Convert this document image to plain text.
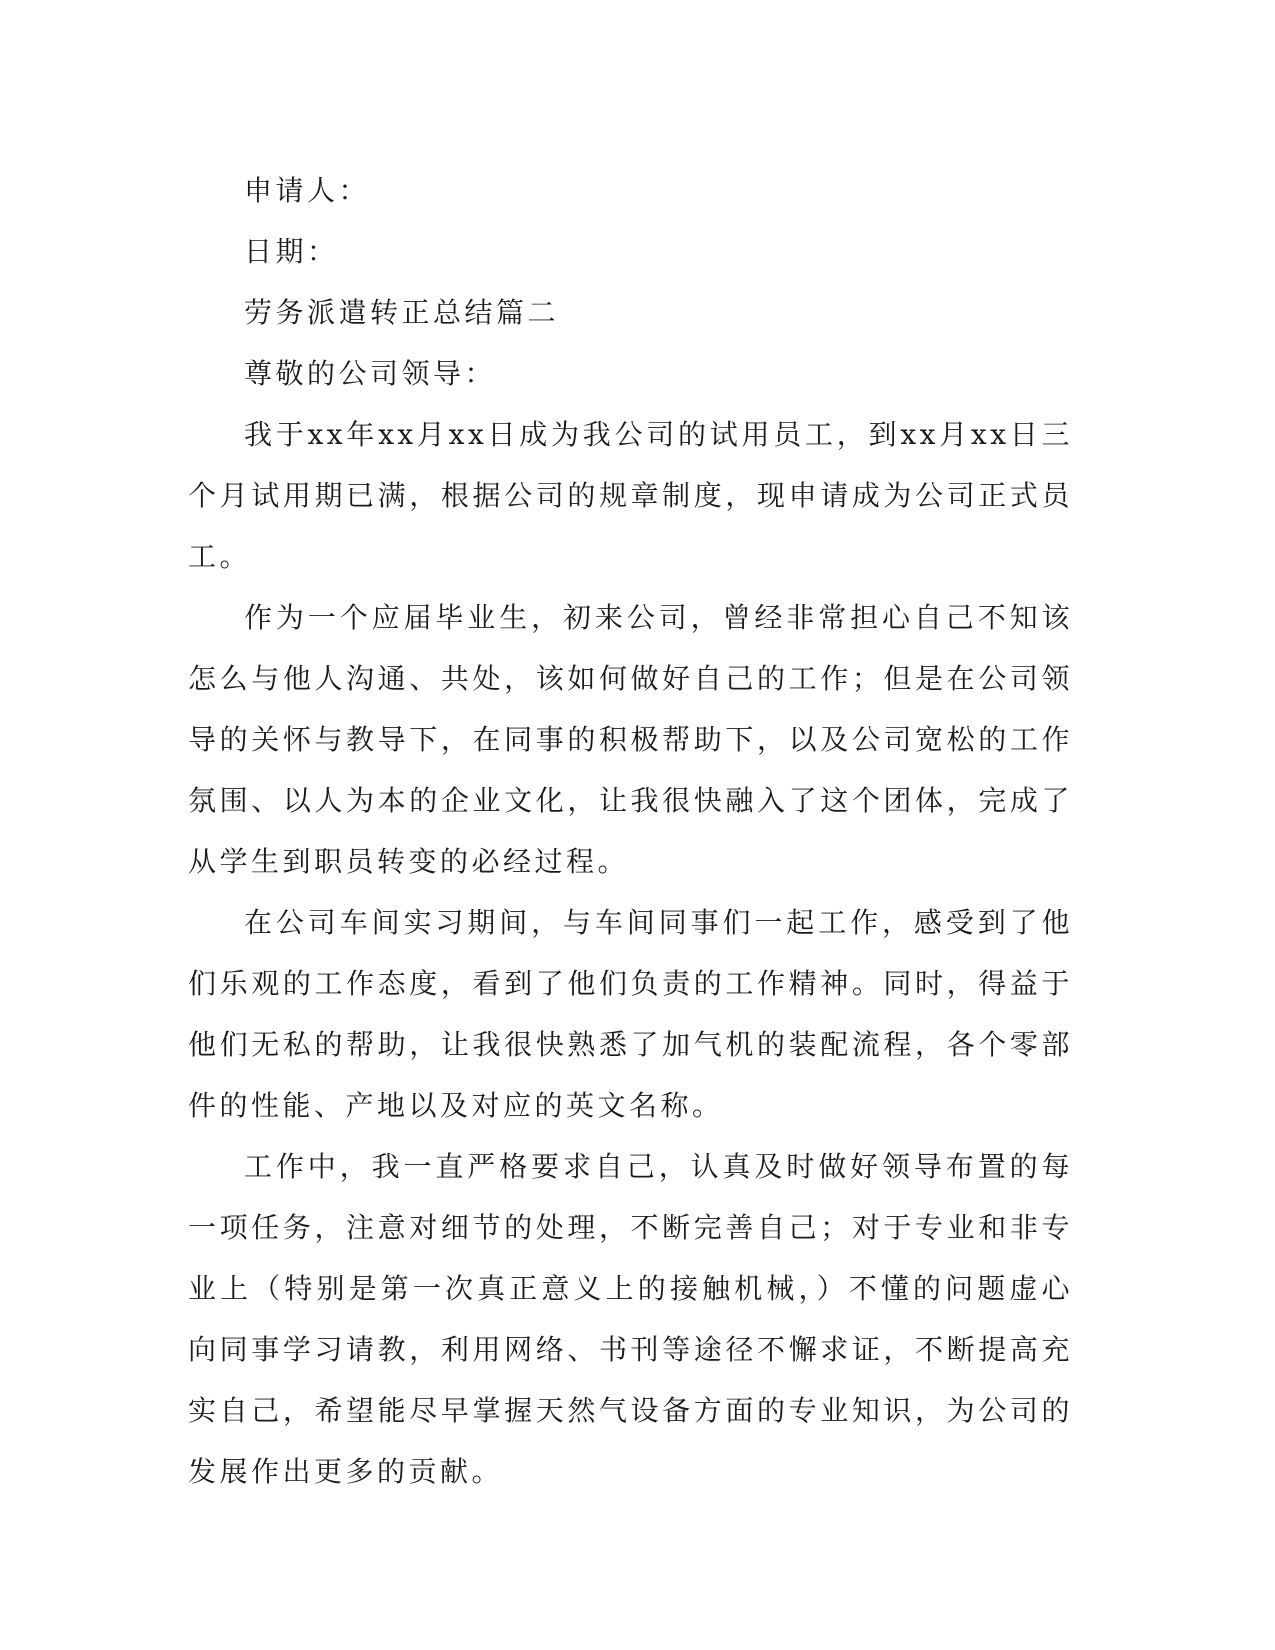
申请人：

日期：

劳务派遣转正总结篇二

尊敬的公司领导：

我于xx年xx月xx日成为我公司的试用员工，到xx月xx日三个月试用期已满，根据公司的规章制度，现申请成为公司正式员工。

作为一个应届毕业生，初来公司，曾经非常担心自己不知该怎么与他人沟通、共处，该如何做好自己的工作；但是在公司领导的关怀与教导下，在同事的积极帮助下，以及公司宽松的工作氛围、以人为本的企业文化，让我很快融入了这个团体，完成了从学生到职员转变的必经过程。

在公司车间实习期间，与车间同事们一起工作，感受到了他们乐观的工作态度，看到了他们负责的工作精神。同时，得益于他们无私的帮助，让我很快熟悉了加气机的装配流程，各个零部件的性能、产地以及对应的英文名称。

工作中，我一直严格要求自己，认真及时做好领导布置的每一项任务，注意对细节的处理，不断完善自己；对于专业和非专业上（特别是第一次真正意义上的接触机械，）不懂的问题虚心向同事学习请教，利用网络、书刊等途径不懈求证，不断提高充实自己，希望能尽早掌握天然气设备方面的专业知识，为公司的发展作出更多的贡献。
